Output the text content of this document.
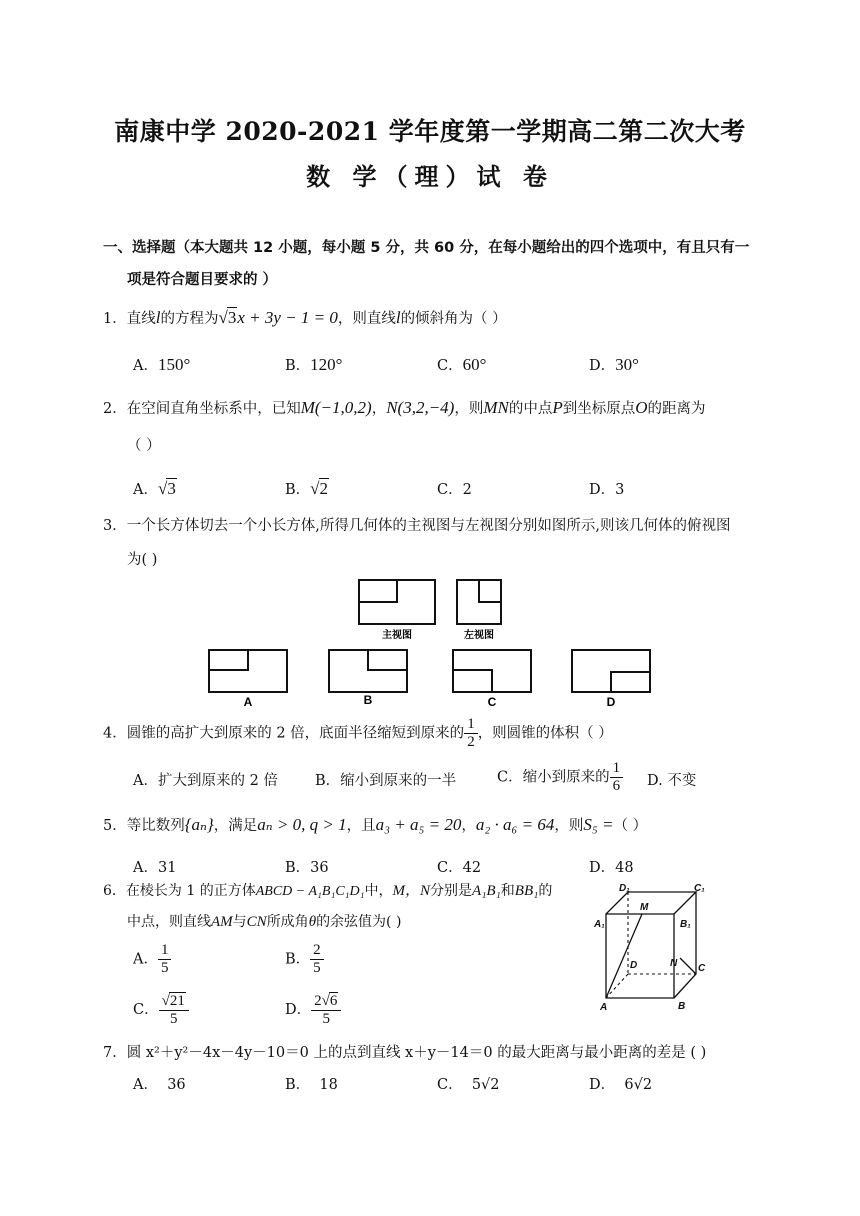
南康中学 2020-2021 学年度第一学期高二第二次大考
数 学（理）试 卷
一、选择题（本大题共 12 小题，每小题 5 分，共 60 分，在每小题给出的四个选项中，有且只有一
项是符合题目要求的 ）
1．直线l的方程为√3x + 3y − 1 = 0，则直线l的倾斜角为（ ）
A．150°	B．120°	C．60°	D．30°
2．在空间直角坐标系中，已知M(−1,0,2)，N(3,2,−4)，则MN的中点P到坐标原点O的距离为
（ ）
A．√3	B．√2	C．2	D．3
3．一个长方体切去一个小长方体,所得几何体的主视图与左视图分别如图所示,则该几何体的俯视图
为( )
主视图	左视图
A	B	C	D
4．圆锥的高扩大到原来的 2 倍，底面半径缩短到原来的 $\frac{1}{2}$ ，则圆锥的体积（ ）
A．扩大到原来的 2 倍	B．缩小到原来的一半	C．缩小到原来的 $\frac{1}{6} D$. 不变
5．等比数列{aₙ}，满足aₙ > 0, q > 1，且a₃ + a₅ = 20，a₂ · a₆ = 64，则S₅ =（ ）
A．31	B．36	C．42	D．48
6．在棱长为 1 的正方体ABCD − A₁B₁C₁D₁中，M，N分别是A₁B₁和BB₁的
中点，则直线AM与CN所成角θ的余弦值为( )
A． $\frac{1}{5}$	B． $\frac{2}{5}$
C． $\frac{√21}{5}$	D． $\frac{2√6}{5}$
D₁	C₁
A₁	B₁
M
D	N C
A	B
7．圆 x²＋y²－4x－4y－10＝0 上的点到直线 x＋y－14＝0 的最大距离与最小距离的差是 ( )
A． 36	B． 18	C． 5√2	D． 6√2
